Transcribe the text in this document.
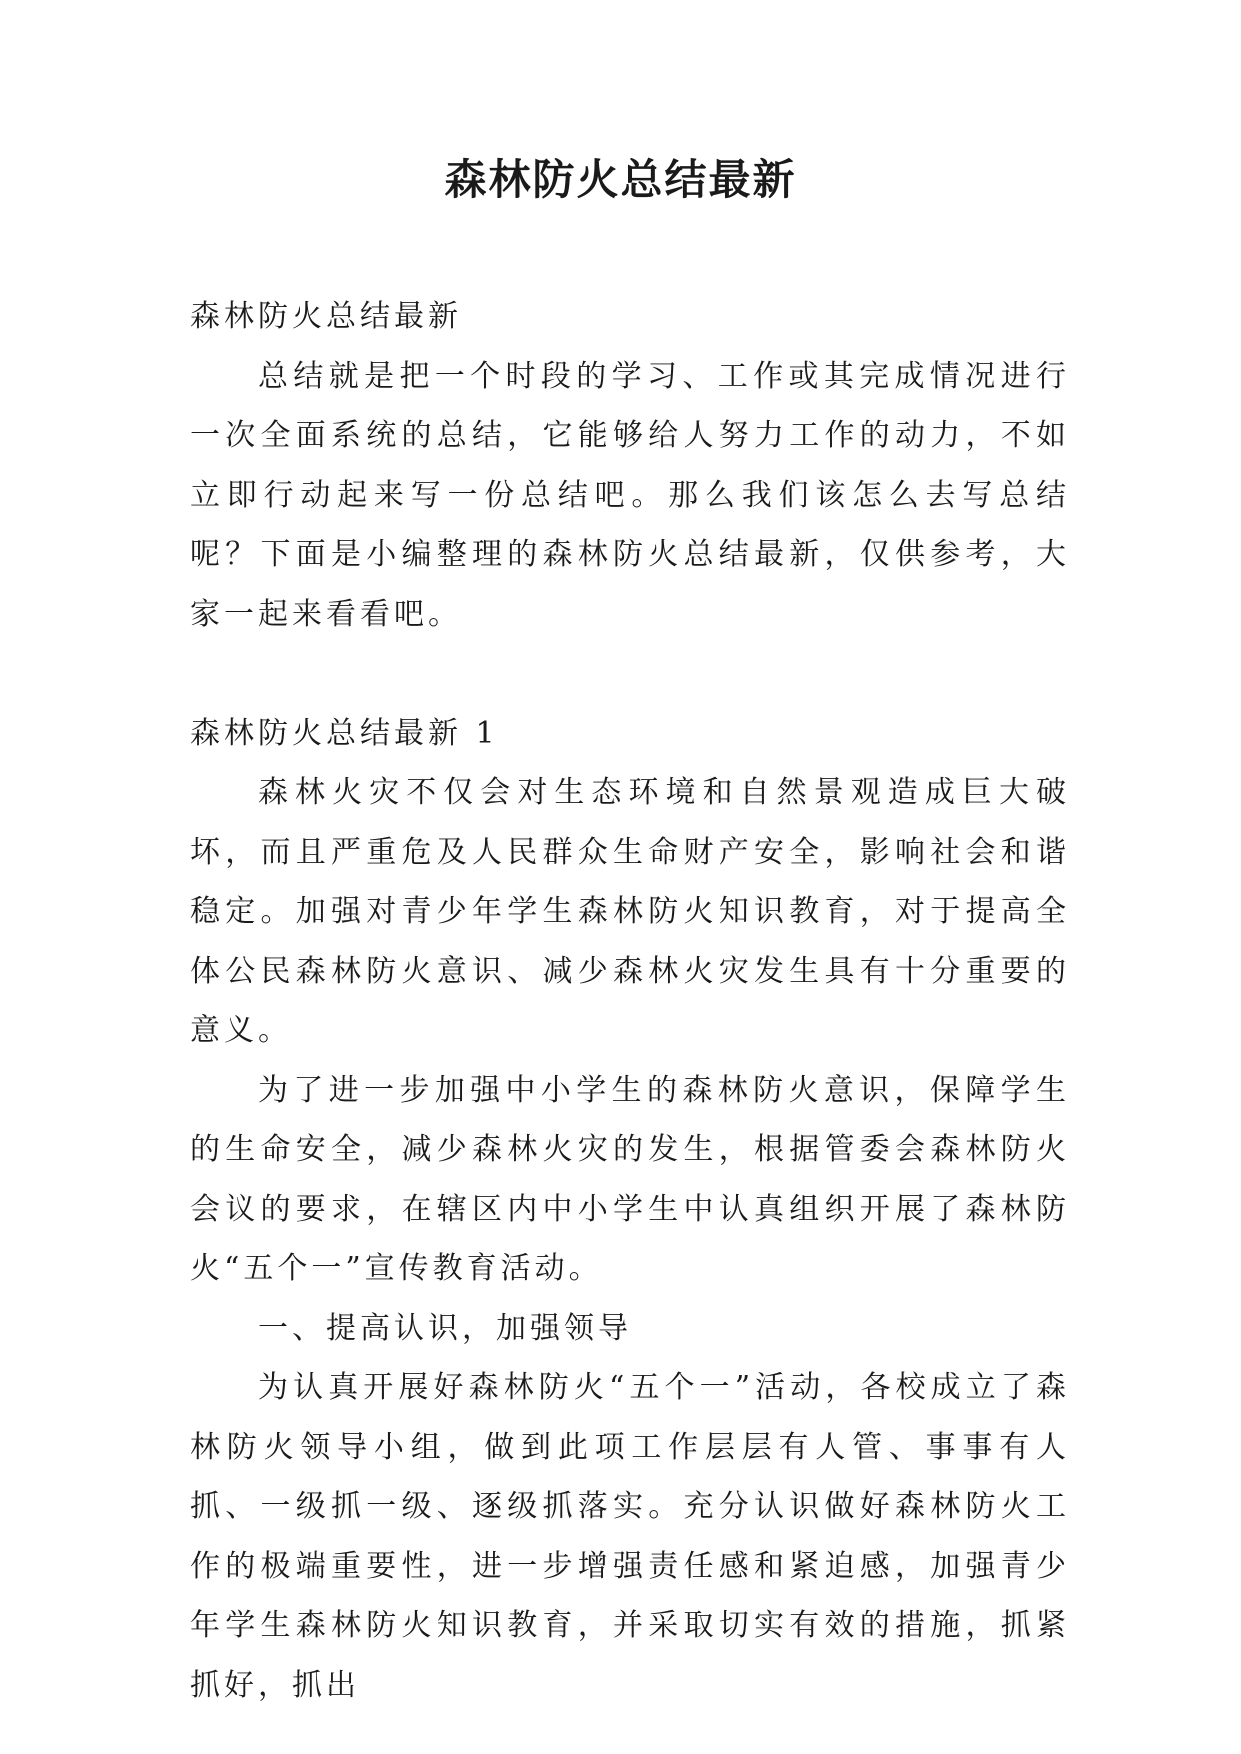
森林防火总结最新

森林防火总结最新

总结就是把一个时段的学习、工作或其完成情况进行一次全面系统的总结，它能够给人努力工作的动力，不如立即行动起来写一份总结吧。那么我们该怎么去写总结呢？下面是小编整理的森林防火总结最新，仅供参考，大家一起来看看吧。

森林防火总结最新 1

森林火灾不仅会对生态环境和自然景观造成巨大破坏，而且严重危及人民群众生命财产安全，影响社会和谐稳定。加强对青少年学生森林防火知识教育，对于提高全体公民森林防火意识、减少森林火灾发生具有十分重要的意义。

为了进一步加强中小学生的森林防火意识，保障学生的生命安全，减少森林火灾的发生，根据管委会森林防火会议的要求，在辖区内中小学生中认真组织开展了森林防火“五个一”宣传教育活动。

一、提高认识，加强领导

为认真开展好森林防火“五个一”活动，各校成立了森林防火领导小组，做到此项工作层层有人管、事事有人抓、一级抓一级、逐级抓落实。充分认识做好森林防火工作的极端重要性，进一步增强责任感和紧迫感，加强青少年学生森林防火知识教育，并采取切实有效的措施，抓紧抓好，抓出
